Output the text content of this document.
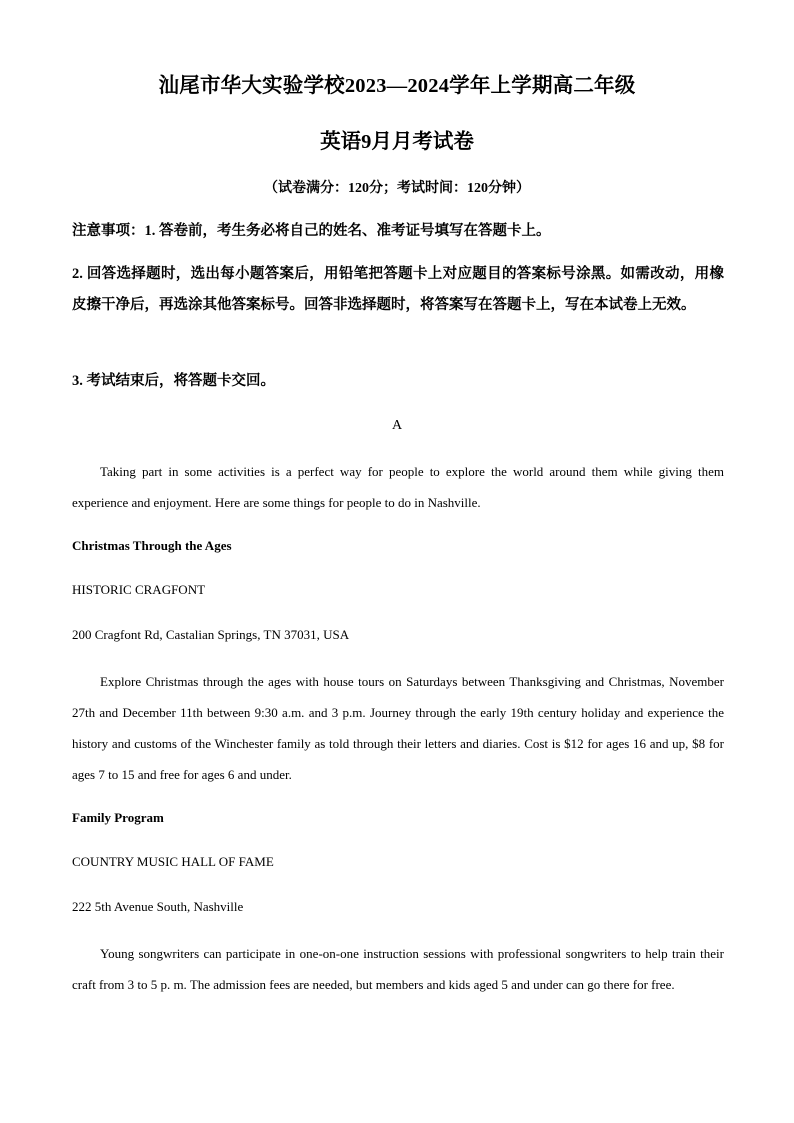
汕尾市华大实验学校2023—2024学年上学期高二年级
英语9月月考试卷
（试卷满分：120分；考试时间：120分钟）
注意事项：1. 答卷前，考生务必将自己的姓名、准考证号填写在答题卡上。
2. 回答选择题时，选出每小题答案后，用铅笔把答题卡上对应题目的答案标号涂黑。如需改动，用橡皮擦干净后，再选涂其他答案标号。回答非选择题时，将答案写在答题卡上，写在本试卷上无效。
3. 考试结束后，将答题卡交回。
A
Taking part in some activities is a perfect way for people to explore the world around them while giving them experience and enjoyment. Here are some things for people to do in Nashville.
Christmas Through the Ages
HISTORIC CRAGFONT
200 Cragfont Rd, Castalian Springs, TN 37031, USA
Explore Christmas through the ages with house tours on Saturdays between Thanksgiving and Christmas, November 27th and December 11th between 9:30 a.m. and 3 p.m. Journey through the early 19th century holiday and experience the history and customs of the Winchester family as told through their letters and diaries. Cost is $12 for ages 16 and up, $8 for ages 7 to 15 and free for ages 6 and under.
Family Program
COUNTRY MUSIC HALL OF FAME
222 5th Avenue South, Nashville
Young songwriters can participate in one-on-one instruction sessions with professional songwriters to help train their craft from 3 to 5 p. m. The admission fees are needed, but members and kids aged 5 and under can go there for free.
